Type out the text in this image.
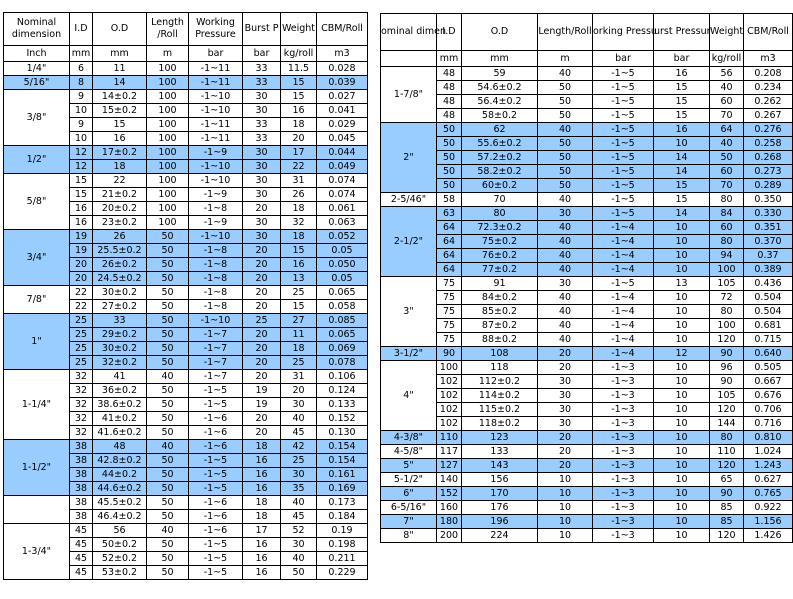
Nominal dimension	I.D	O.D	Length /Roll	Working Pressure	Burst P	Weight	CBM/Roll
Inch	mm	mm	m	bar	bar	kg/roll	m3
1/4"	6	11	100	-1~11	33	11.5	0.028
5/16"	8	14	100	-1~11	33	15	0.039
3/8"	9	14±0.2	100	-1~10	30	15	0.027
	10	15±0.2	100	-1~10	30	16	0.041
	9	15	100	-1~11	33	18	0.029
	10	16	100	-1~11	33	20	0.045
1/2"	12	17±0.2	100	-1~9	30	17	0.044
	12	18	100	-1~10	30	22	0.049
5/8"	15	22	100	-1~10	30	31	0.074
	15	21±0.2	100	-1~9	30	26	0.074
	16	20±0.2	100	-1~8	20	18	0.061
	16	23±0.2	100	-1~9	30	32	0.063
3/4"	19	26	50	-1~10	30	18	0.052
	19	25.5±0.2	50	-1~8	20	15	0.05
	20	26±0.2	50	-1~8	20	16	0.050
	20	24.5±0.2	50	-1~8	20	13	0.05
7/8"	22	30±0.2	50	-1~8	20	25	0.065
	22	27±0.2	50	-1~8	20	15	0.058
1"	25	33	50	-1~10	25	27	0.085
	25	29±0.2	50	-1~7	20	11	0.065
	25	30±0.2	50	-1~7	20	18	0.069
	25	32±0.2	50	-1~7	20	25	0.078
1-1/4"	32	41	40	-1~7	20	31	0.106
	32	36±0.2	50	-1~5	19	20	0.124
	32	38.6±0.2	50	-1~5	19	30	0.133
	32	41±0.2	50	-1~6	20	40	0.152
	32	41.6±0.2	50	-1~6	20	45	0.130
1-1/2"	38	48	40	-1~6	18	42	0.154
	38	42.8±0.2	50	-1~5	16	25	0.154
	38	44±0.2	50	-1~5	16	30	0.161
	38	44.6±0.2	50	-1~5	16	35	0.169
	38	45.5±0.2	50	-1~6	18	40	0.173
	38	46.4±0.2	50	-1~6	18	45	0.184
1-3/4"	45	56	40	-1~6	17	52	0.19
	45	50±0.2	50	-1~5	16	30	0.198
	45	52±0.2	50	-1~5	16	40	0.211
	45	53±0.2	50	-1~5	16	50	0.229
ominal dimen	I.D	O.D	Length/Roll	orking Pressu	urst Pressur	Weight	CBM/Roll
	mm	mm	m	bar	bar	kg/roll	m3
1-7/8"	48	59	40	-1~5	16	56	0.208
	48	54.6±0.2	50	-1~5	15	40	0.234
	48	56.4±0.2	50	-1~5	15	60	0.262
	48	58±0.2	50	-1~5	15	70	0.267
2"	50	62	40	-1~5	16	64	0.276
	50	55.6±0.2	50	-1~5	10	40	0.258
	50	57.2±0.2	50	-1~5	14	50	0.268
	50	58.2±0.2	50	-1~5	14	60	0.273
	50	60±0.2	50	-1~5	15	70	0.289
2-5/46"	58	70	40	-1~5	15	80	0.350
2-1/2"	63	80	30	-1~5	14	84	0.330
	64	72.3±0.2	40	-1~4	10	60	0.351
	64	75±0.2	40	-1~4	10	80	0.370
	64	76±0.2	40	-1~4	10	94	0.37
	64	77±0.2	40	-1~4	10	100	0.389
3"	75	91	30	-1~5	13	105	0.436
	75	84±0.2	40	-1~4	10	72	0.504
	75	85±0.2	40	-1~4	10	80	0.504
	75	87±0.2	40	-1~4	10	100	0.681
	75	88±0.2	40	-1~4	10	120	0.715
3-1/2"	90	108	20	-1~4	12	90	0.640
4"	100	118	20	-1~3	10	96	0.505
	102	112±0.2	30	-1~3	10	90	0.667
	102	114±0.2	30	-1~3	10	105	0.676
	102	115±0.2	30	-1~3	10	120	0.706
	102	118±0.2	30	-1~3	10	144	0.716
4-3/8"	110	123	20	-1~3	10	80	0.810
4-5/8"	117	133	20	-1~3	10	110	1.024
5"	127	143	20	-1~3	10	120	1.243
5-1/2"	140	156	10	-1~3	10	65	0.627
6"	152	170	10	-1~3	10	90	0.765
6-5/16"	160	176	10	-1~3	10	85	0.922
7"	180	196	10	-1~3	10	85	1.156
8"	200	224	10	-1~3	10	120	1.426
